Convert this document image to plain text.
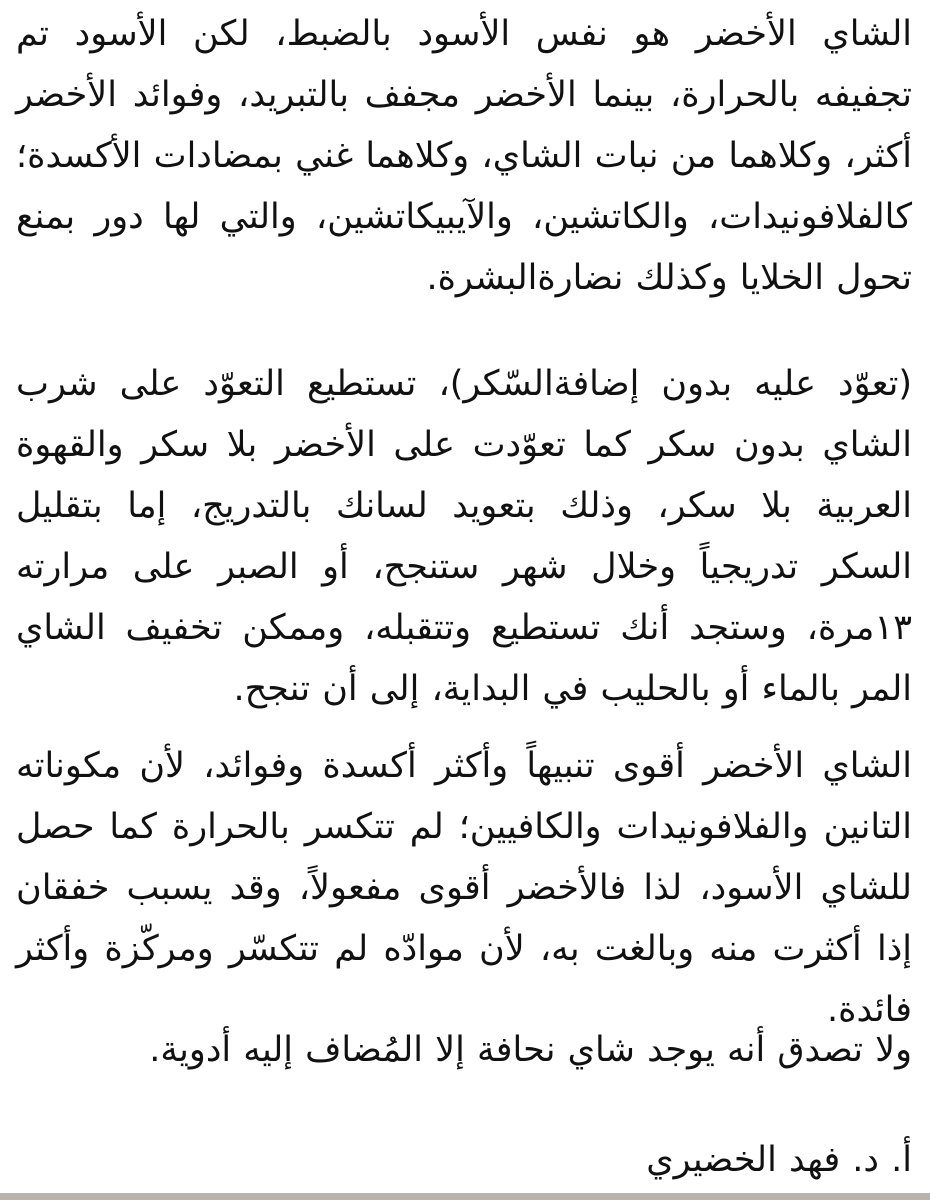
الشاي الأخضر هو نفس الأسود بالضبط، لكن الأسود تم تجفيفه بالحرارة، بينما الأخضر مجفف بالتبريد، وفوائد الأخضر أكثر، وكلاهما من نبات الشاي، وكلاهما غني بمضادات الأكسدة؛ كالفلافونيدات، والكاتشين، والآيبيكاتشين، والتي لها دور بمنع تحول الخلايا وكذلك نضارةالبشرة.

(تعوّد عليه بدون إضافةالسّكر)، تستطيع التعوّد على شرب الشاي بدون سكر كما تعوّدت على الأخضر بلا سكر والقهوة العربية بلا سكر، وذلك بتعويد لسانك بالتدريج، إما بتقليل السكر تدريجياً وخلال شهر ستنجح، أو الصبر على مرارته ١٣مرة، وستجد أنك تستطيع وتتقبله، وممكن تخفيف الشاي المر بالماء أو بالحليب في البداية، إلى أن تنجح.

الشاي الأخضر أقوى تنبيهاً وأكثر أكسدة وفوائد، لأن مكوناته التانين والفلافونيدات والكافيين؛ لم تتكسر بالحرارة كما حصل للشاي الأسود، لذا فالأخضر أقوى مفعولاً، وقد يسبب خفقان إذا أكثرت منه وبالغت به، لأن موادّه لم تتكسّر ومركّزة وأكثر فائدة.

ولا تصدق أنه يوجد شاي نحافة إلا المُضاف إليه أدوية.

أ. د. فهد الخضيري
